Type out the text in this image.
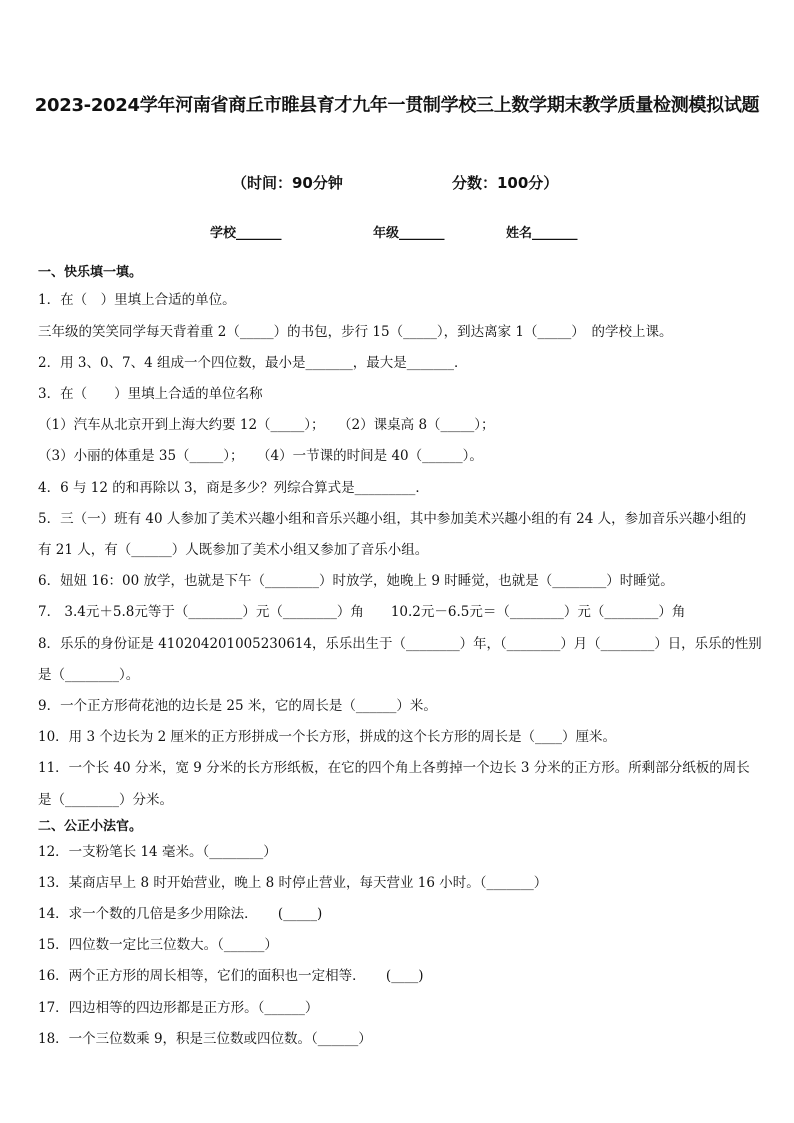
2023-2024学年河南省商丘市睢县育才九年一贯制学校三上数学期末教学质量检测模拟试题
（时间：90分钟	分数：100分）
学校_______	年级_______	姓名_______
一、快乐填一填。
1．在（　）里填上合适的单位。
三年级的笑笑同学每天背着重 2（_____）的书包，步行 15（_____），到达离家 1（_____）　的学校上课。
2．用 3、0、7、4 组成一个四位数，最小是_______，最大是_______．
3．在（　　）里填上合适的单位名称
（1）汽车从北京开到上海大约要 12（_____）；　　（2）课桌高 8（_____）；
（3）小丽的体重是 35（_____）；　　（4）一节课的时间是 40（______）。
4．6 与 12 的和再除以 3，商是多少？列综合算式是_________．
5．三（一）班有 40 人参加了美术兴趣小组和音乐兴趣小组，其中参加美术兴趣小组的有 24 人，参加音乐兴趣小组的
有 21 人，有（______）人既参加了美术小组又参加了音乐小组。
6．妞妞 16：00 放学，也就是下午（________）时放学，她晚上 9 时睡觉，也就是（________）时睡觉。
7． 3.4元＋5.8元等于（________）元（________）角　　10.2元－6.5元＝（________）元（________）角
8．乐乐的身份证是 410204201005230614，乐乐出生于（________）年，（________）月（________）日，乐乐的性别
是（________）。
9．一个正方形荷花池的边长是 25 米，它的周长是（______）米。
10．用 3 个边长为 2 厘米的正方形拼成一个长方形，拼成的这个长方形的周长是（____）厘米。
11．一个长 40 分米，宽 9 分米的长方形纸板，在它的四个角上各剪掉一个边长 3 分米的正方形。所剩部分纸板的周长
是（________）分米。
二、公正小法官。
12．一支粉笔长 14 毫米。（________）
13．某商店早上 8 时开始营业，晚上 8 时停止营业，每天营业 16 小时。（_______）
14．求一个数的几倍是多少用除法．　　(_____)
15．四位数一定比三位数大。（______）
16．两个正方形的周长相等，它们的面积也一定相等．　　(____)
17．四边相等的四边形都是正方形。（______）
18．一个三位数乘 9，积是三位数或四位数。（______）
